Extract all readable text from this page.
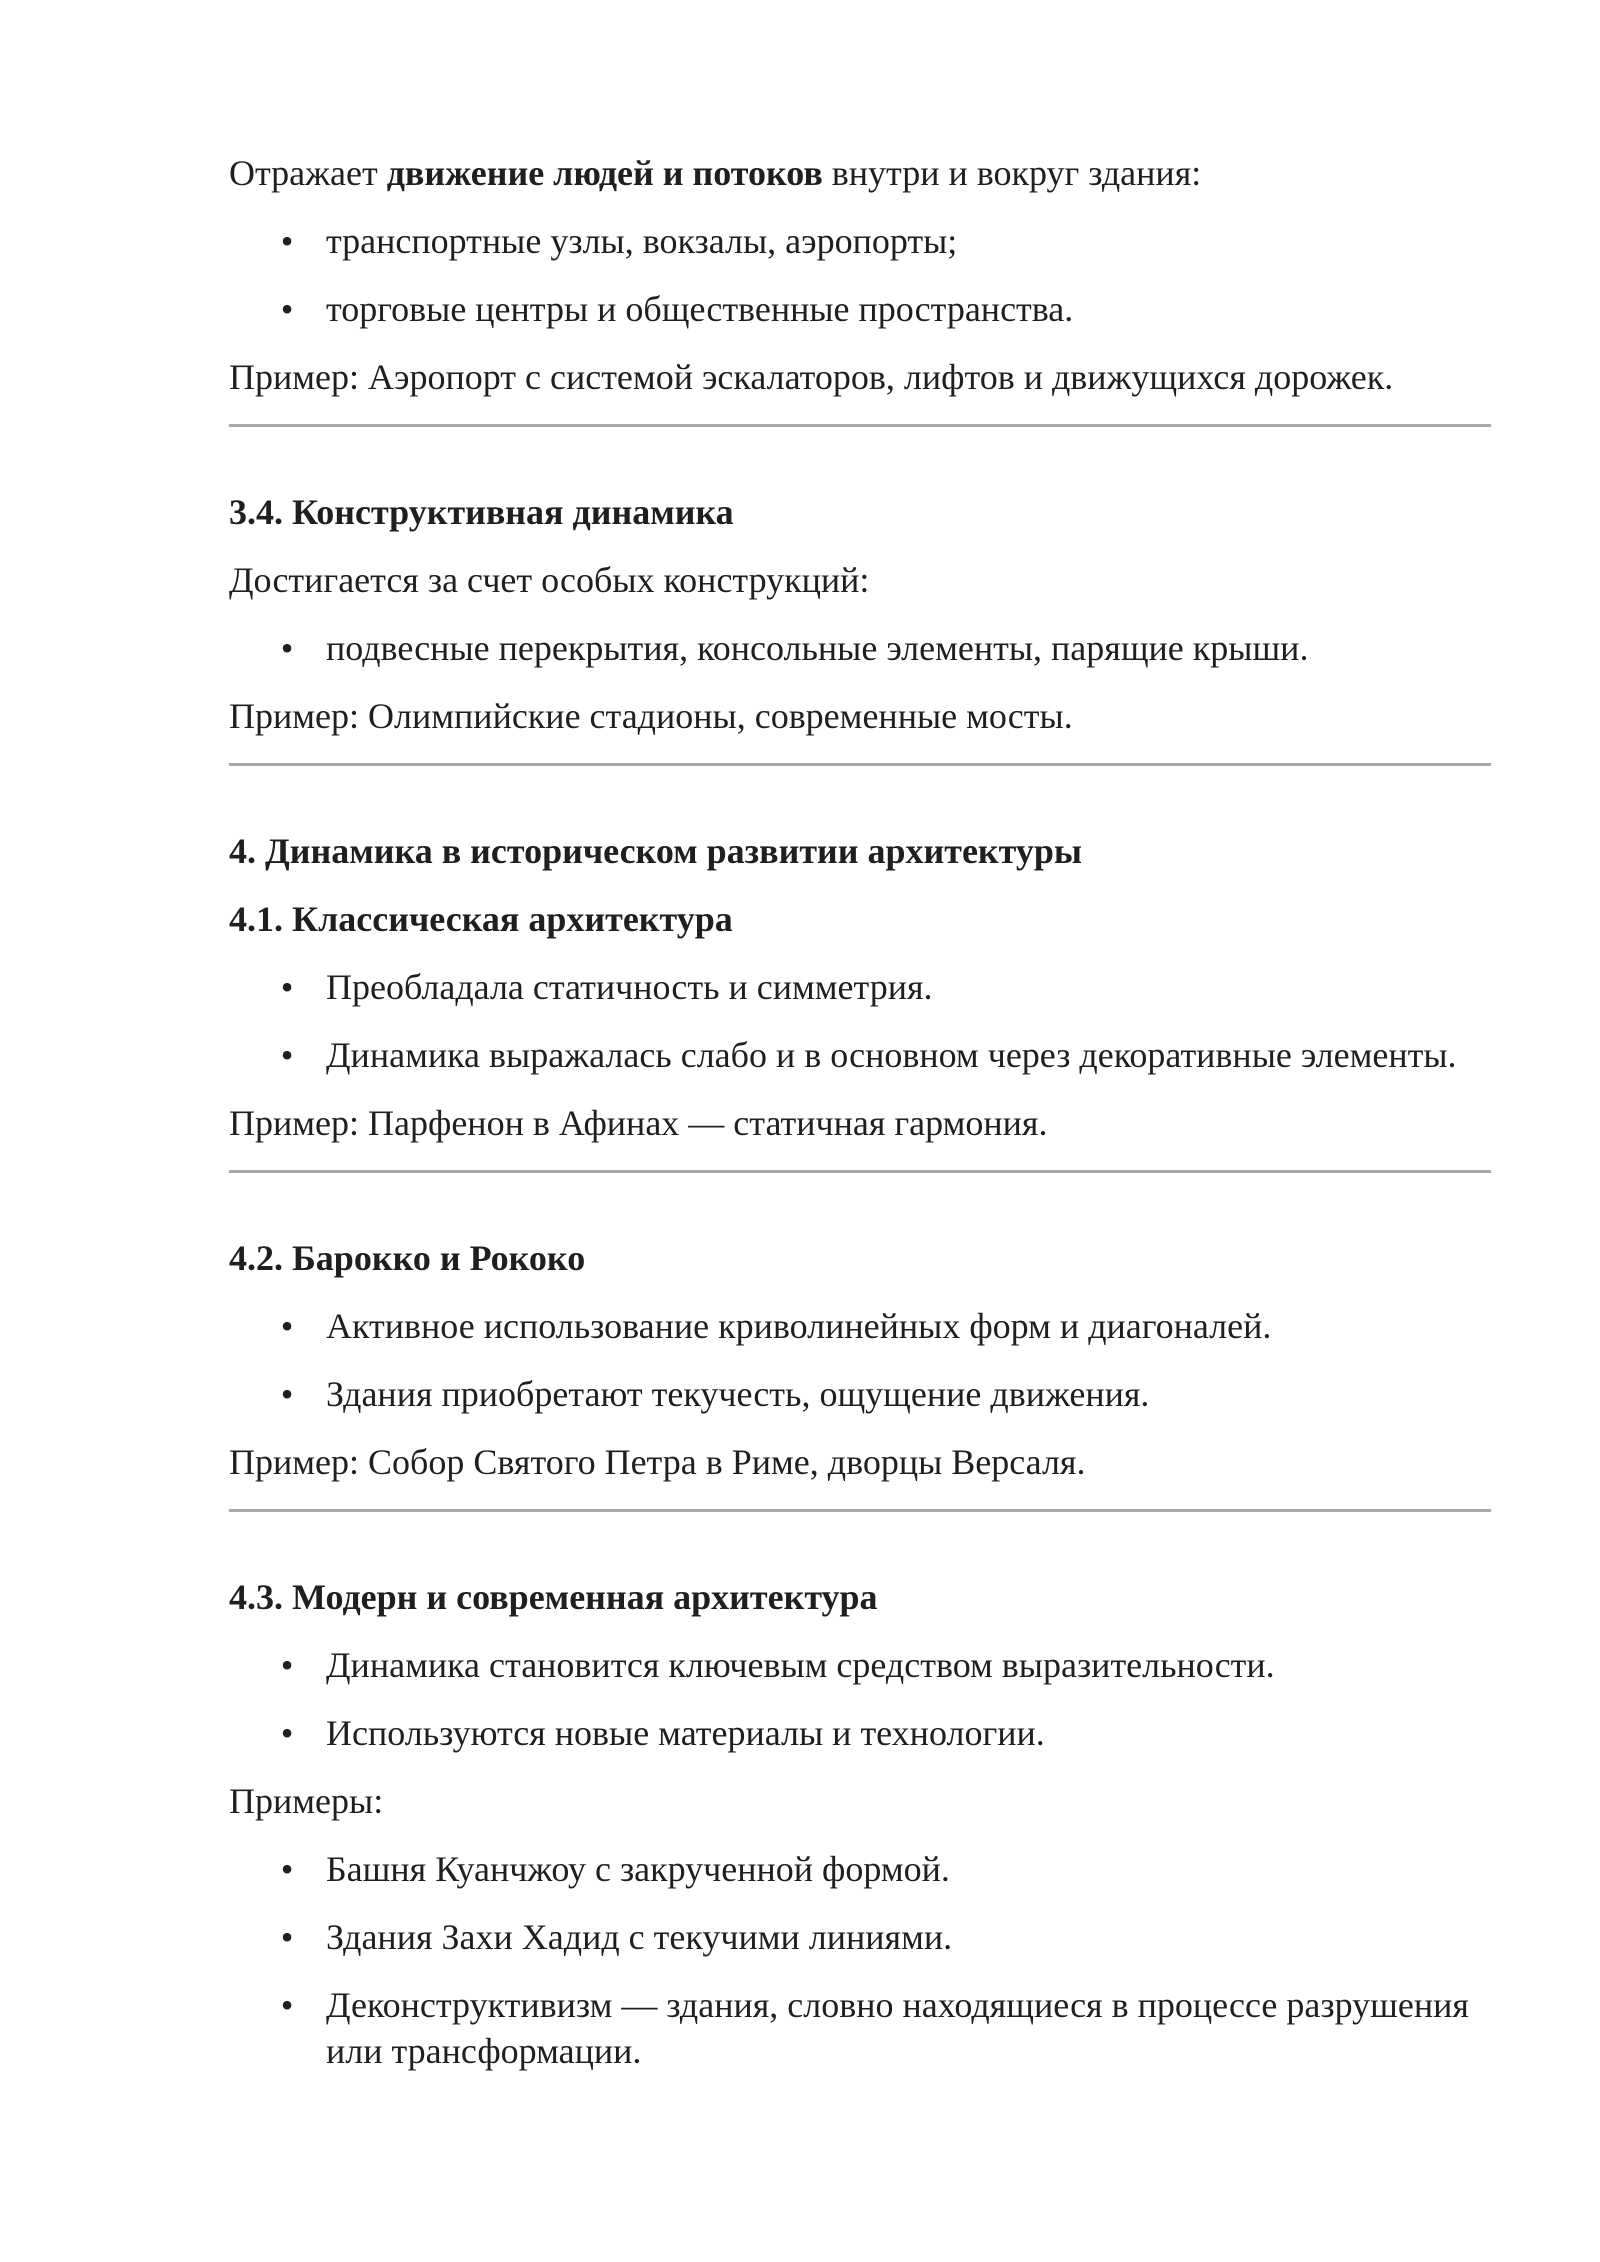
Отражает движение людей и потоков внутри и вокруг здания:

• транспортные узлы, вокзалы, аэропорты;
• торговые центры и общественные пространства.

Пример: Аэропорт с системой эскалаторов, лифтов и движущихся дорожек.

3.4. Конструктивная динамика

Достигается за счет особых конструкций:

• подвесные перекрытия, консольные элементы, парящие крыши.

Пример: Олимпийские стадионы, современные мосты.

4. Динамика в историческом развитии архитектуры

4.1. Классическая архитектура

• Преобладала статичность и симметрия.
• Динамика выражалась слабо и в основном через декоративные элементы.

Пример: Парфенон в Афинах — статичная гармония.

4.2. Барокко и Рококо

• Активное использование криволинейных форм и диагоналей.
• Здания приобретают текучесть, ощущение движения.

Пример: Собор Святого Петра в Риме, дворцы Версаля.

4.3. Модерн и современная архитектура

• Динамика становится ключевым средством выразительности.
• Используются новые материалы и технологии.

Примеры:

• Башня Куанчжоу с закрученной формой.
• Здания Захи Хадид с текучими линиями.
• Деконструктивизм — здания, словно находящиеся в процессе разрушения или трансформации.
